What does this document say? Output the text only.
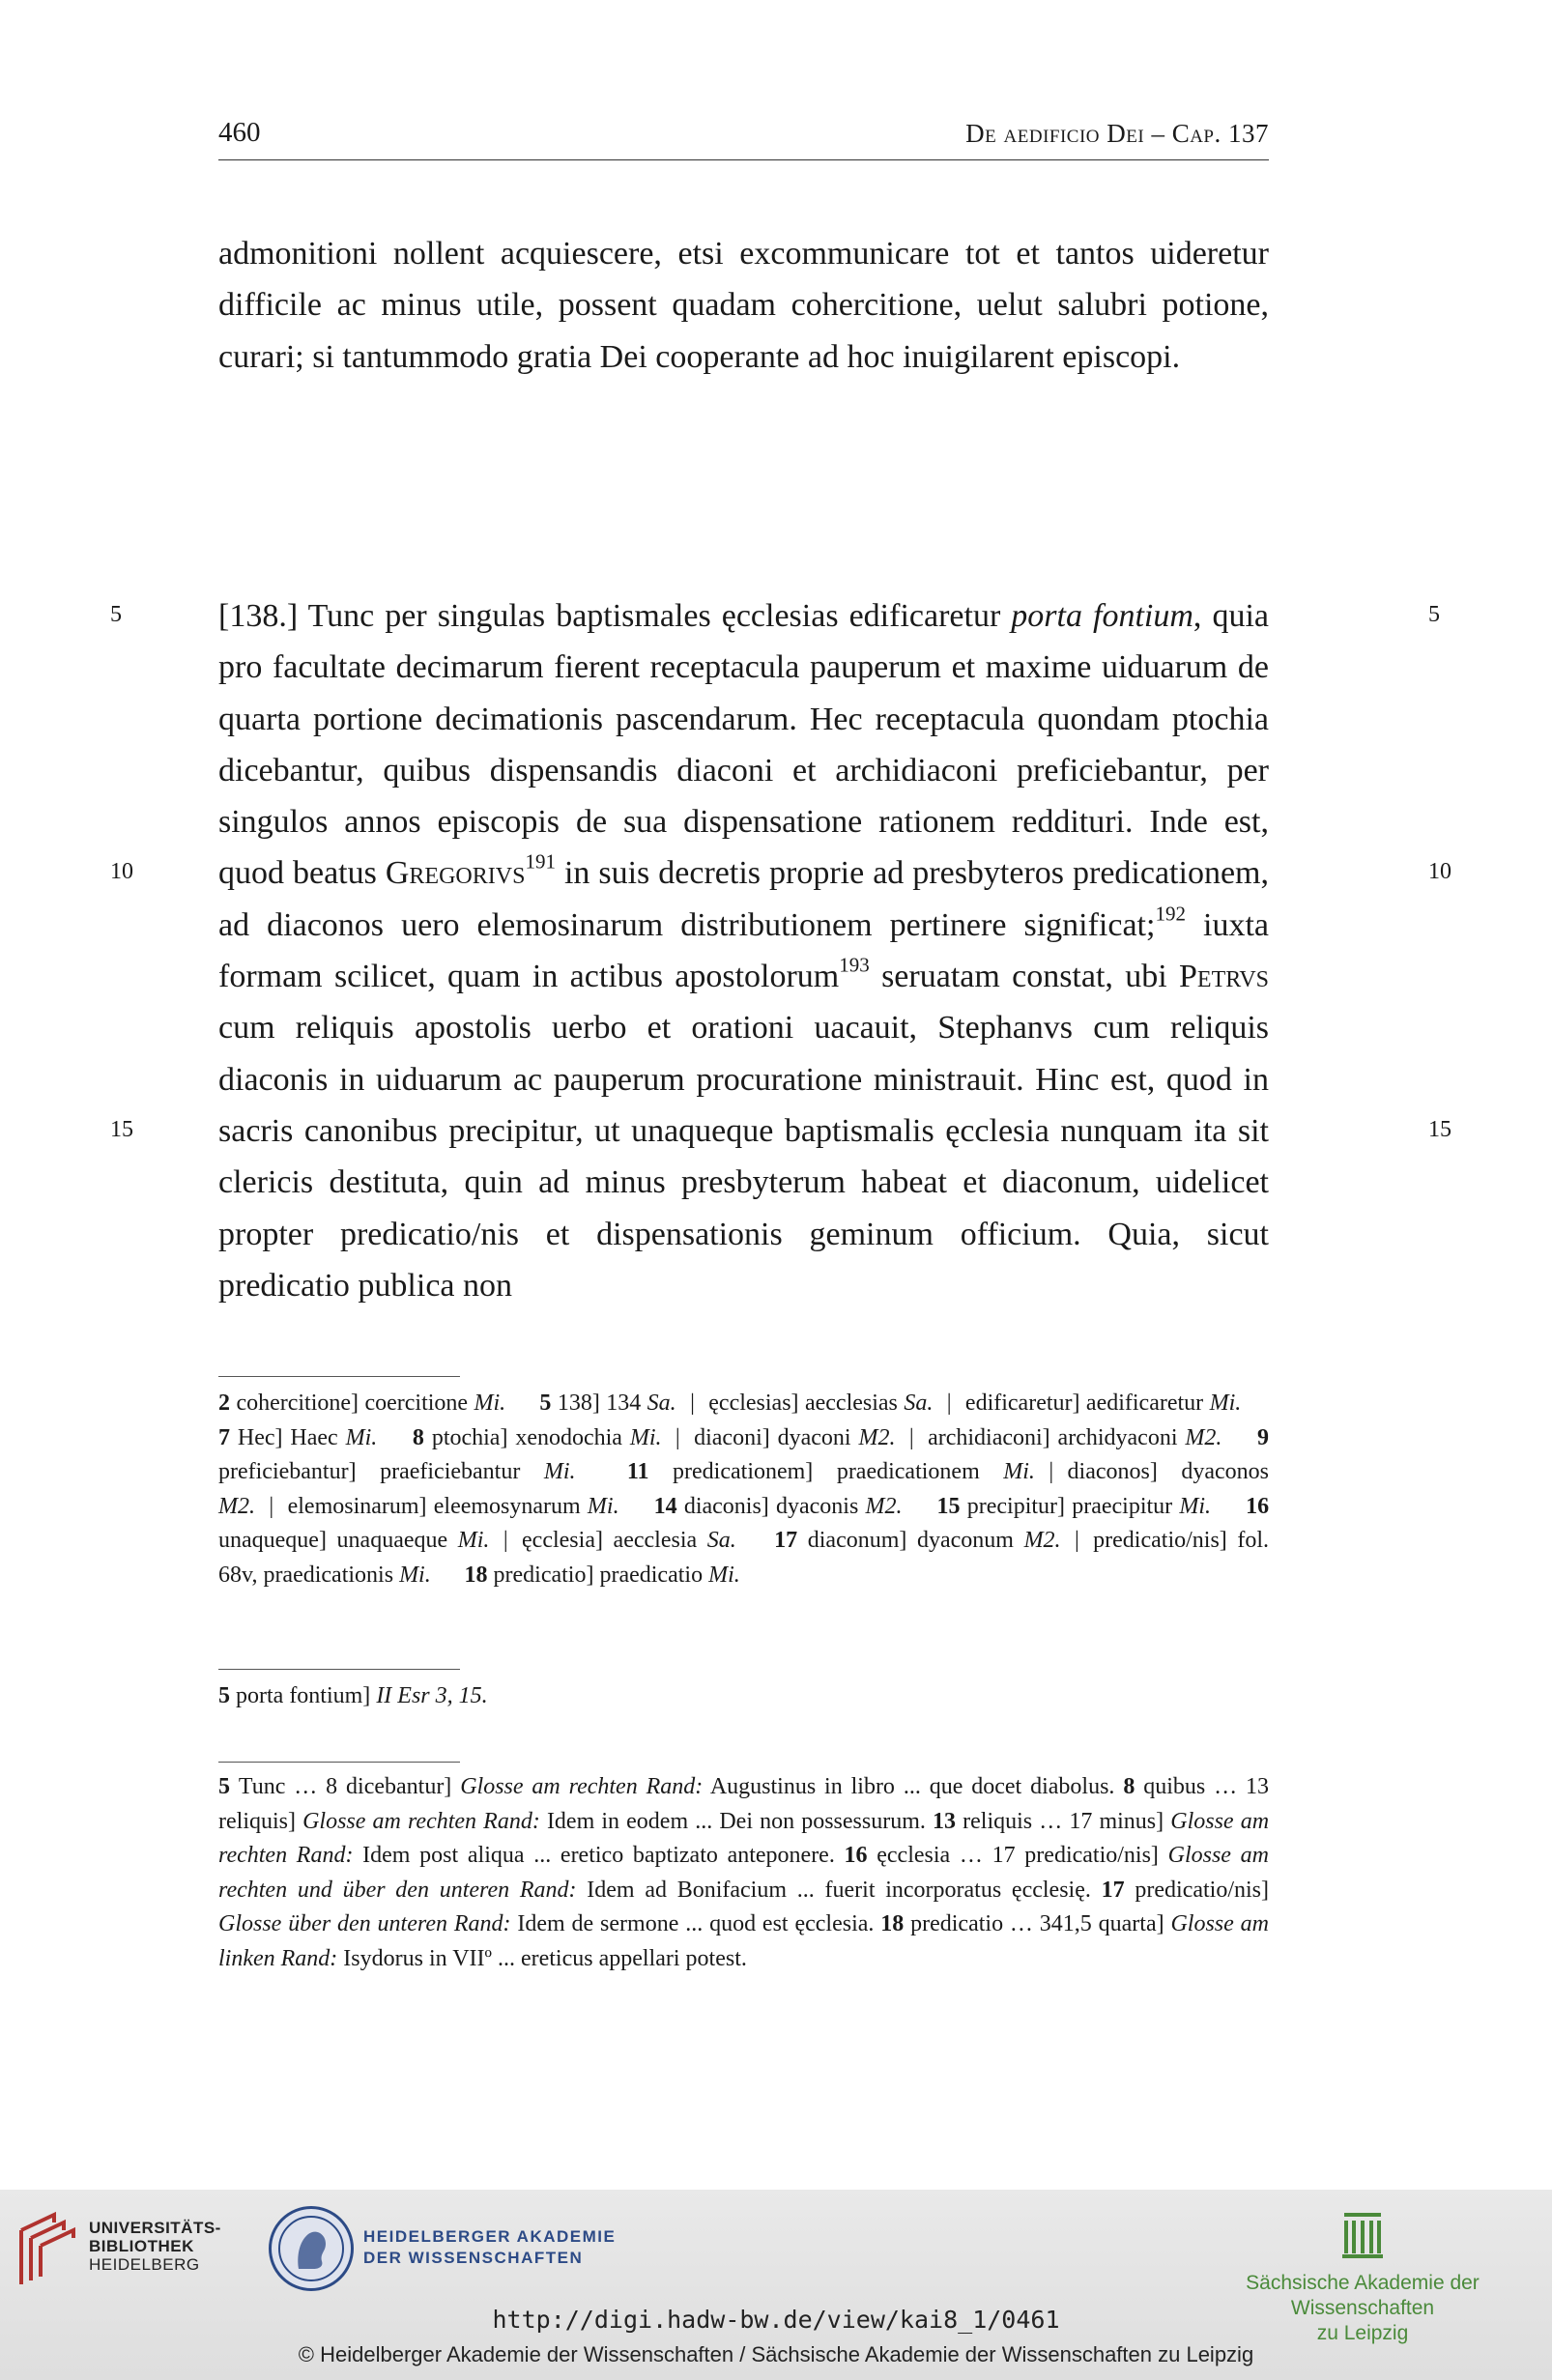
460	De aedificio Dei – Cap. 137

admonitioni nollent acquiescere, etsi excommunicare tot et tantos uideretur difficile ac minus utile, possent quadam cohercitione, uelut salubri potione, curari; si tantummodo gratia Dei cooperante ad hoc inuigilarent episcopi.

[138.] Tunc per singulas baptismales ęcclesias edificaretur porta fontium, quia pro facultate decimarum fierent receptacula pauperum et maxime uiduarum de quarta portione decimationis pascendarum. Hec receptacula quondam ptochia dicebantur, quibus dispensandis diaconi et archidiaconi preficiebantur, per singulos annos episcopis de sua dispensatione rationem reddituri. Inde est, quod beatus Gregorivs$^{191}$ in suis decretis proprie ad presbyteros predicationem, ad diaconos uero elemosinarum distributionem pertinere significat;$^{192}$ iuxta formam scilicet, quam in actibus apostolorum$^{193}$ seruatam constat, ubi Petrvs cum reliquis apostolis uerbo et orationi uacauit, Stephanvs cum reliquis diaconis in uiduarum ac pauperum procuratione ministrauit. Hinc est, quod in sacris canonibus precipitur, ut unaqueque baptismalis ęcclesia nunquam ita sit clericis destituta, quin ad minus presbyterum habeat et diaconum, uidelicet propter predicatio/nis et dispensationis geminum officium. Quia, sicut predicatio publica non

5	5
10	10
15	15

2 cohercitione] coercitione Mi. 5 138] 134 Sa. | ęcclesias] aecclesias Sa. | edificaretur] aedificaretur Mi. 7 Hec] Haec Mi. 8 ptochia] xenodochia Mi. | diaconi] dyaconi M2. | archidiaconi] archidyaconi M2. 9 preficiebantur] praeficiebantur Mi. 11 predicationem] praedicationem Mi. | diaconos] dyaconos M2. | elemosinarum] eleemosynarum Mi. 14 diaconis] dyaconis M2. 15 precipitur] praecipitur Mi. 16 unaqueque] unaquaeque Mi. | ęcclesia] aecclesia Sa. 17 diaconum] dyaconum M2. | predicatio/nis] fol. 68v, praedicationis Mi. 18 predicatio] praedicatio Mi.

5 porta fontium] II Esr 3, 15.

5 Tunc … 8 dicebantur] Glosse am rechten Rand: Augustinus in libro ... que docet diabolus. 8 quibus … 13 reliquis] Glosse am rechten Rand: Idem in eodem ... Dei non possessurum. 13 reliquis … 17 minus] Glosse am rechten Rand: Idem post aliqua ... eretico baptizato anteponere. 16 ęcclesia … 17 predicatio/nis] Glosse am rechten und über den unteren Rand: Idem ad Bonifacium ... fuerit incorporatus ęcclesię. 17 predicatio/nis] Glosse über den unteren Rand: Idem de sermone ... quod est ęcclesia. 18 predicatio … 341,5 quarta] Glosse am linken Rand: Isydorus in VIIº ... ereticus appellari potest.

UNIVERSITÄTS-
BIBLIOTHEK
HEIDELBERG
HEIDELBERGER AKADEMIE
DER WISSENSCHAFTEN
Sächsische Akademie der Wissenschaften
zu Leipzig
http://digi.hadw-bw.de/view/kai8_1/0461
© Heidelberger Akademie der Wissenschaften / Sächsische Akademie der Wissenschaften zu Leipzig
